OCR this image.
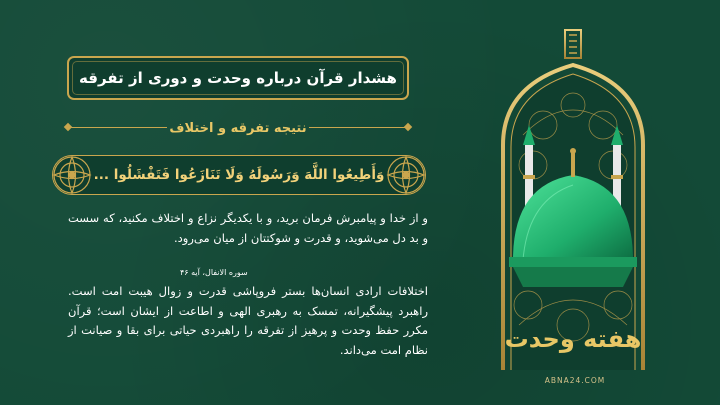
هشدار قرآن درباره وحدت و دوری از تفرقه
نتیجه تفرقه و اختلاف
وَأَطِيعُوا اللَّهَ وَرَسُولَهُ وَلَا تَنَازَعُوا فَتَفْشَلُوا ...
و از خدا و پیامبرش فرمان برید، و با یکدیگر نزاع و اختلاف مکنید، که سست و بد دل می‌شوید، و قدرت و شوکتتان از میان می‌رود.
سوره الانفال، آیه ۴۶
اختلافات ارادی انسان‌ها بستر فروپاشی قدرت و زوال هیبت امت است. راهبرد پیشگیرانه، تمسک به رهبری الهی و اطاعت از ایشان است؛ قرآن مکرر حفظ وحدت و پرهیز از تفرقه را راهبردی حیاتی برای بقا و صیانت از نظام امت می‌داند.	هفته وحدت
ABNA24.COM
